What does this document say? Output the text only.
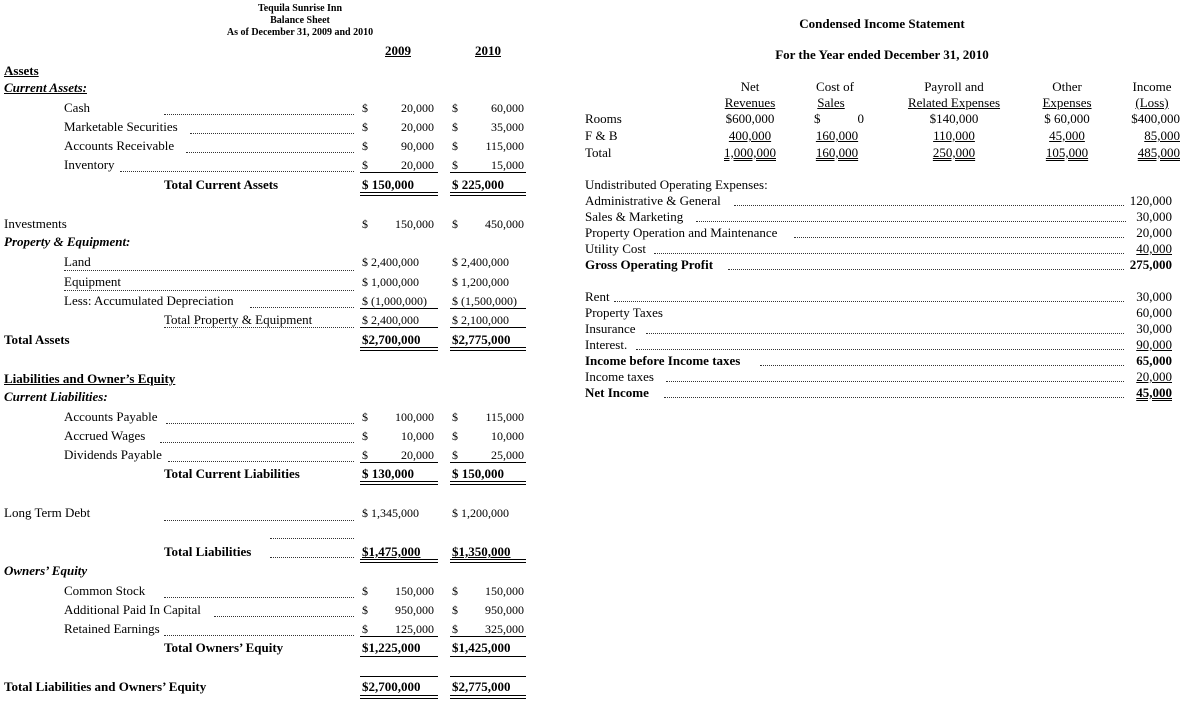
Tequila Sunrise Inn
Balance Sheet
As of December 31, 2009 and 2010
2009	2010
Assets
Current Assets:
Cash	$	20,000 $	60,000
Marketable Securities	$	20,000 $	35,000
Accounts Receivable	$	90,000 $	115,000
Inventory	$	20,000 $	15,000
Total Current Assets	$ 150,000	$ 225,000
Investments	$	150,000 $	450,000
Property & Equipment:
Land	$ 2,400,000	$ 2,400,000
Equipment	$ 1,000,000	$ 1,200,000
Less: Accumulated Depreciation	$ (1,000,000) $ (1,500,000)
Total Property & Equipment	$ 2,400,000	$ 2,100,000
Total Assets	$2,700,000 $2,775,000
Liabilities and Owner’s Equity
Current Liabilities:
Accounts Payable	$	100,000 $	115,000
Accrued Wages	$	10,000 $	10,000
Dividends Payable	$	20,000 $	25,000
Total Current Liabilities	$ 130,000	$ 150,000
Long Term Debt	$ 1,345,000	$ 1,200,000
Total Liabilities	$1,475,000 $1,350,000
Owners’ Equity
Common Stock	$	150,000 $	150,000
Additional Paid In Capital	$	950,000 $	950,000
Retained Earnings	$	125,000 $	325,000
Total Owners’ Equity	$1,225,000 $1,425,000
Total Liabilities and Owners’ Equity	$2,700,000 $2,775,000
Condensed Income Statement
For the Year ended December 31, 2010
Net
Revenues
Cost of
Sales
Payroll and
Related Expenses
Other
Expenses
Income
(Loss)
Rooms	$600,000	$	0	$140,000	$ 60,000	$400,000
F & B	400,000	160,000	110,000	45,000	85,000
Total	1,000,000	160,000	250,000	105,000	485,000
Undistributed Operating Expenses:
Administrative & General	120,000
Sales & Marketing	30,000
Property Operation and Maintenance	20,000
Utility Cost	40,000
Gross Operating Profit	275,000
Rent	30,000
Property Taxes	60,000
Insurance	30,000
Interest.	90,000
Income before Income taxes	65,000
Income taxes	20,000
Net Income	45,000
